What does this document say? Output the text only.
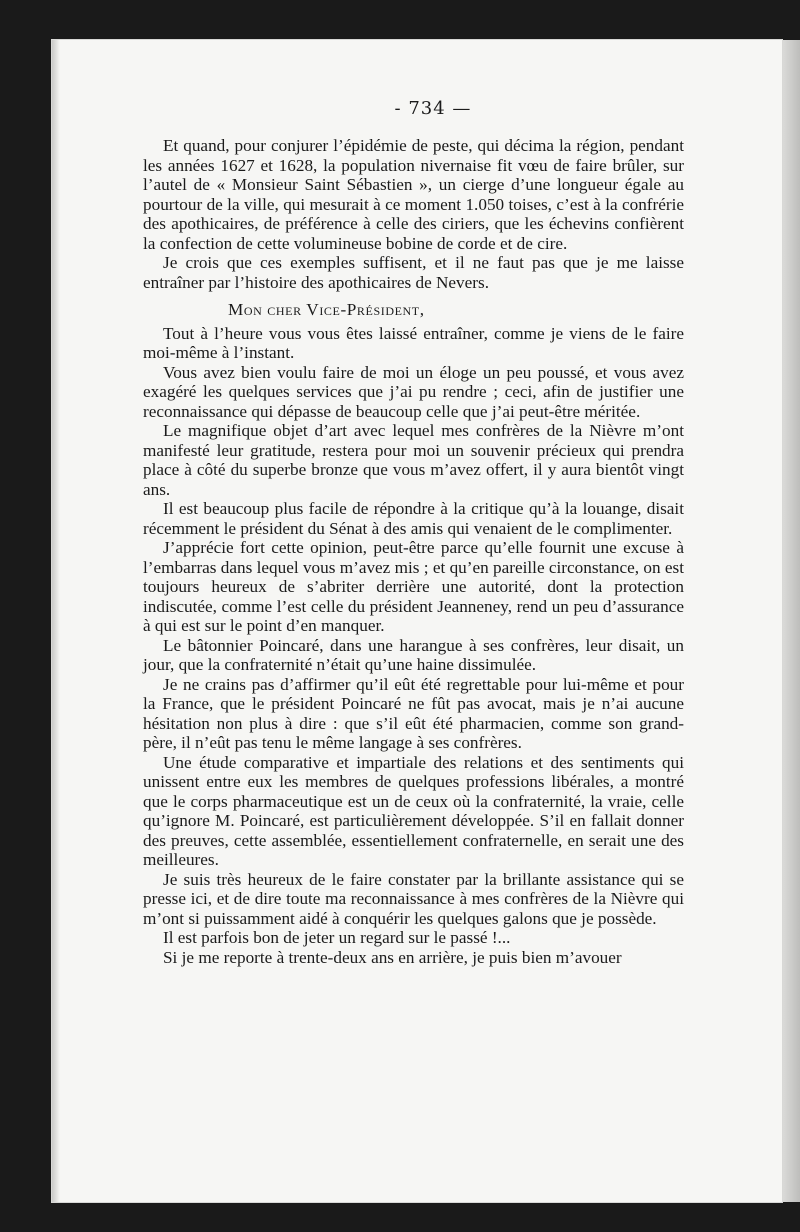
- 734 —

Et quand, pour conjurer l’épidémie de peste, qui décima la région, pendant les années 1627 et 1628, la population nivernaise fit vœu de faire brûler, sur l’autel de « Monsieur Saint Sébastien », un cierge d’une longueur égale au pourtour de la ville, qui mesurait à ce moment 1.050 toises, c’est à la confrérie des apothicaires, de préférence à celle des ciriers, que les échevins confièrent la confection de cette volumineuse bobine de corde et de cire.

Je crois que ces exemples suffisent, et il ne faut pas que je me laisse entraîner par l’histoire des apothicaires de Nevers.

Mon cher Vice-Président,

Tout à l’heure vous vous êtes laissé entraîner, comme je viens de le faire moi-même à l’instant.

Vous avez bien voulu faire de moi un éloge un peu poussé, et vous avez exagéré les quelques services que j’ai pu rendre ; ceci, afin de justifier une reconnaissance qui dépasse de beaucoup celle que j’ai peut-être méritée.

Le magnifique objet d’art avec lequel mes confrères de la Nièvre m’ont manifesté leur gratitude, restera pour moi un souvenir précieux qui prendra place à côté du superbe bronze que vous m’avez offert, il y aura bientôt vingt ans.

Il est beaucoup plus facile de répondre à la critique qu’à la louange, disait récemment le président du Sénat à des amis qui venaient de le complimenter.

J’apprécie fort cette opinion, peut-être parce qu’elle fournit une excuse à l’embarras dans lequel vous m’avez mis ; et qu’en pareille circonstance, on est toujours heureux de s’abriter derrière une autorité, dont la protection indiscutée, comme l’est celle du président Jeanneney, rend un peu d’assurance à qui est sur le point d’en manquer.

Le bâtonnier Poincaré, dans une harangue à ses confrères, leur disait, un jour, que la confraternité n’était qu’une haine dissimulée.

Je ne crains pas d’affirmer qu’il eût été regrettable pour lui-même et pour la France, que le président Poincaré ne fût pas avocat, mais je n’ai aucune hésitation non plus à dire : que s’il eût été pharmacien, comme son grand-père, il n’eût pas tenu le même langage à ses confrères.

Une étude comparative et impartiale des relations et des sentiments qui unissent entre eux les membres de quelques professions libérales, a montré que le corps pharmaceutique est un de ceux où la confraternité, la vraie, celle qu’ignore M. Poincaré, est particulièrement développée. S’il en fallait donner des preuves, cette assemblée, essentiellement confraternelle, en serait une des meilleures.

Je suis très heureux de le faire constater par la brillante assistance qui se presse ici, et de dire toute ma reconnaissance à mes confrères de la Nièvre qui m’ont si puissamment aidé à conquérir les quelques galons que je possède.

Il est parfois bon de jeter un regard sur le passé !...

Si je me reporte à trente-deux ans en arrière, je puis bien m’avouer
